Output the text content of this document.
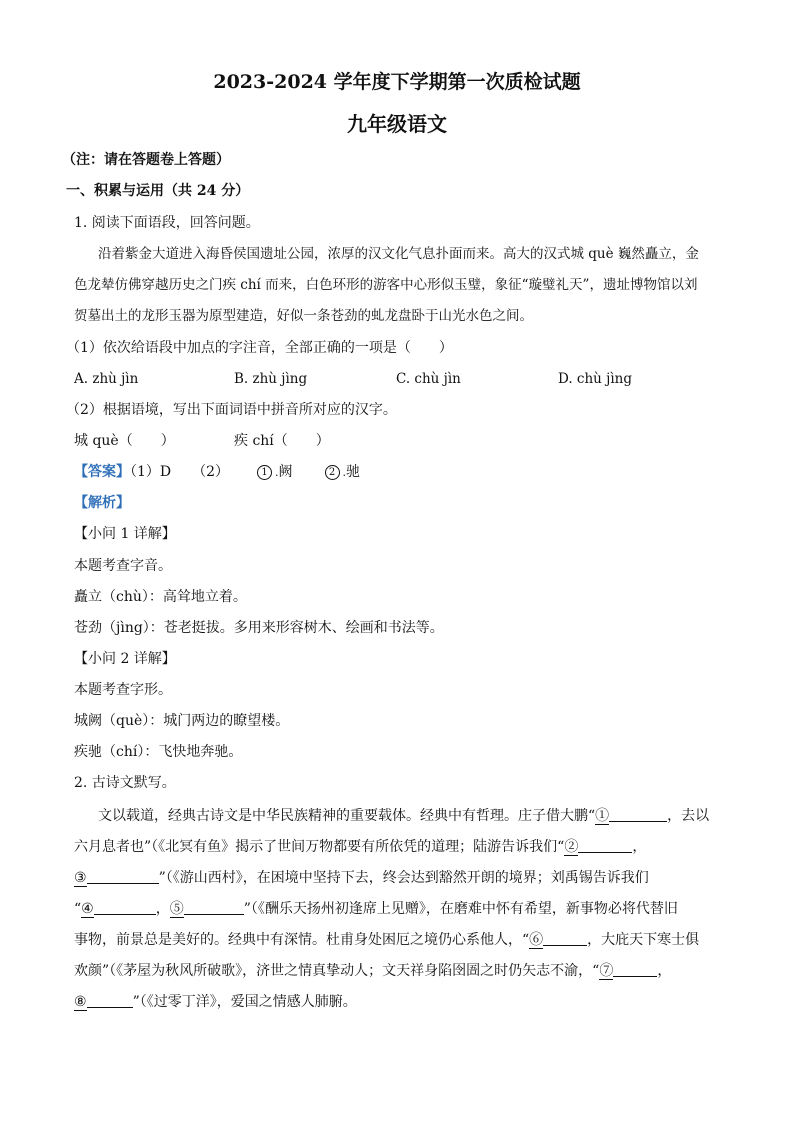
2023-2024 学年度下学期第一次质检试题
九年级语文
（注：请在答题卷上答题）
一、积累与运用（共 24 分）
1. 阅读下面语段，回答问题。
沿着紫金大道进入海昏侯国遗址公园，浓厚的汉文化气息扑面而来。高大的汉式城 què 巍然矗立，金
色龙辇仿佛穿越历史之门疾 chí 而来，白色环形的游客中心形似玉璧，象征“璇璧礼天”，遗址博物馆以刘
贺墓出土的龙形玉器为原型建造，好似一条苍劲的虬龙盘卧于山光水色之间。
（1）依次给语段中加点的字注音，全部正确的一项是（　　）
A. zhù jìn	B. zhù jìng	C. chù jìn	D. chù jìng
（2）根据语境，写出下面词语中拼音所对应的汉字。
城 què（　　）	疾 chí（　　）
【答案】（1）D　　（2）	1 .阙	2 .驰
【解析】
【小问 1 详解】
本题考查字音。
矗立（chù）：高耸地立着。
苍劲（jìng）：苍老挺拔。多用来形容树木、绘画和书法等。
【小问 2 详解】
本题考查字形。
城阙（què）：城门两边的瞭望楼。
疾驰（chí）：飞快地奔驰。
2. 古诗文默写。
文以载道，经典古诗文是中华民族精神的重要载体。经典中有哲理。庄子借大鹏“①	，去以
六月息者也”（《北冥有鱼》揭示了世间万物都要有所依凭的道理；陆游告诉我们“②	，
③	”（《游山西村》，在困境中坚持下去，终会达到豁然开朗的境界；刘禹锡告诉我们
“④	，⑤	”（《酬乐天扬州初逢席上见赠》，在磨难中怀有希望，新事物必将代替旧
事物，前景总是美好的。经典中有深情。杜甫身处困厄之境仍心系他人，“⑥	，大庇天下寒士俱
欢颜”（《茅屋为秋风所破歌》，济世之情真挚动人；文天祥身陷囹圄之时仍矢志不渝，“⑦	，
⑧	”（《过零丁洋》，爱国之情感人肺腑。
